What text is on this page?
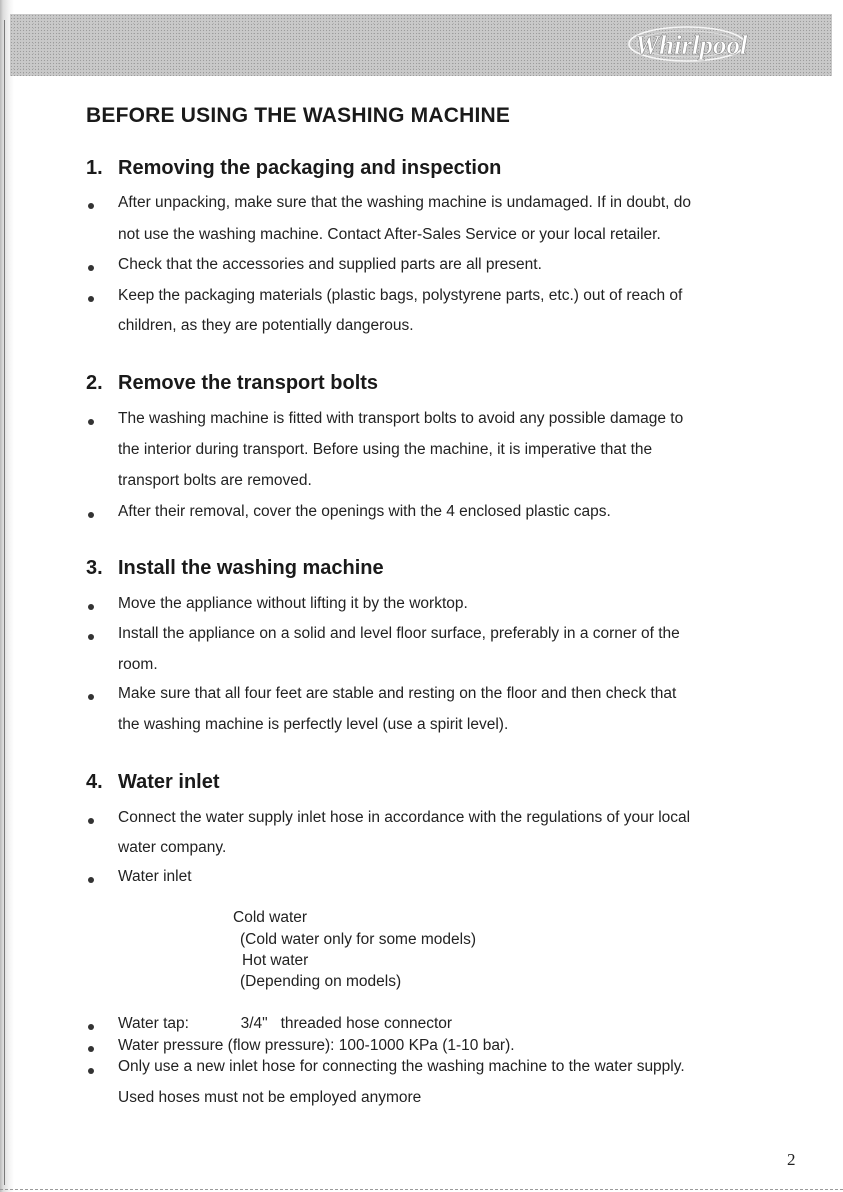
Whirlpool
BEFORE USING THE WASHING MACHINE
1. Removing the packaging and inspection
After unpacking, make sure that the washing machine is undamaged. If in doubt, do
not use the washing machine. Contact After-Sales Service or your local retailer.
Check that the accessories and supplied parts are all present.
Keep the packaging materials (plastic bags, polystyrene parts, etc.) out of reach of
children, as they are potentially dangerous.
2. Remove the transport bolts
The washing machine is fitted with transport bolts to avoid any possible damage to
the interior during transport. Before using the machine, it is imperative that the
transport bolts are removed.
After their removal, cover the openings with the 4 enclosed plastic caps.
3. Install the washing machine
Move the appliance without lifting it by the worktop.
Install the appliance on a solid and level floor surface, preferably in a corner of the
room.
Make sure that all four feet are stable and resting on the floor and then check that
the washing machine is perfectly level (use a spirit level).
4. Water inlet
Connect the water supply inlet hose in accordance with the regulations of your local
water company.
Water inlet
Cold water
(Cold water only for some models)
Hot water
(Depending on models)
Water tap:            3/4"   threaded hose connector
Water pressure (flow pressure): 100-1000 KPa (1-10 bar).
Only use a new inlet hose for connecting the washing machine to the water supply.
Used hoses must not be employed anymore
2
